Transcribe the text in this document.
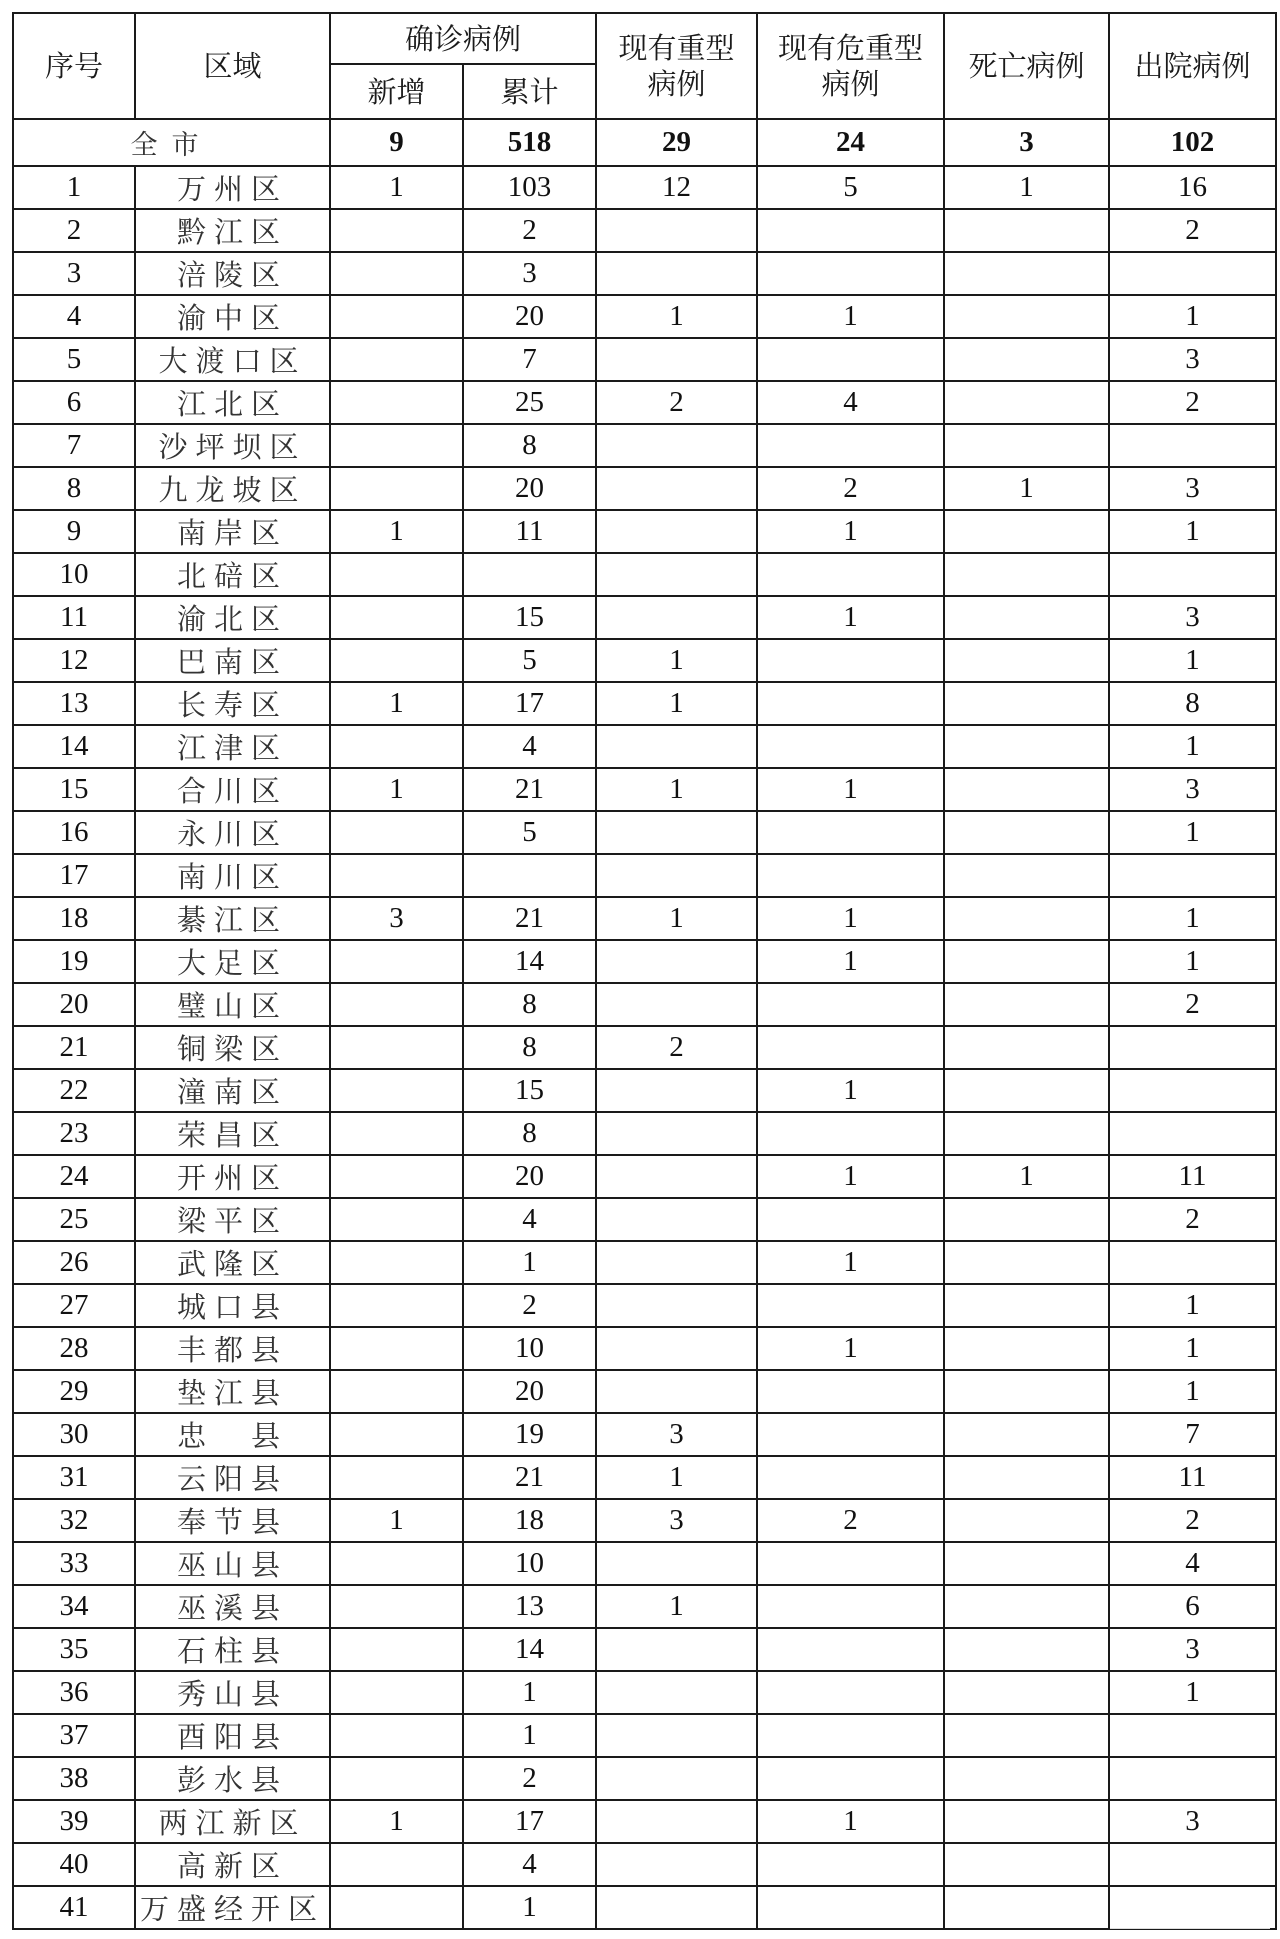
序号	区域	确诊病例		现有重型病例	现有危重型病例	死亡病例	出院病例
		新增	累计				
全市		9	518	29	24	3	102
1	万州区	1	103	12	5	1	16
2	黔江区		2				2
3	涪陵区		3				
4	渝中区		20	1	1		1
5	大渡口区		7				3
6	江北区		25	2	4		2
7	沙坪坝区		8				
8	九龙坡区		20		2	1	3
9	南岸区	1	11		1		1
10	北碚区						
11	渝北区		15		1		3
12	巴南区		5	1			1
13	长寿区	1	17	1			8
14	江津区		4				1
15	合川区	1	21	1	1		3
16	永川区		5				1
17	南川区						
18	綦江区	3	21	1	1		1
19	大足区		14		1		1
20	璧山区		8				2
21	铜梁区		8	2			
22	潼南区		15		1		
23	荣昌区		8				
24	开州区		20		1	1	11
25	梁平区		4				2
26	武隆区		1		1		
27	城口县		2				1
28	丰都县		10		1		1
29	垫江县		20				1
30	忠　县		19	3			7
31	云阳县		21	1			11
32	奉节县	1	18	3	2		2
33	巫山县		10				4
34	巫溪县		13	1			6
35	石柱县		14				3
36	秀山县		1				1
37	酉阳县		1				
38	彭水县		2				
39	两江新区	1	17		1		3
40	高新区		4				
41	万盛经开区		1				
